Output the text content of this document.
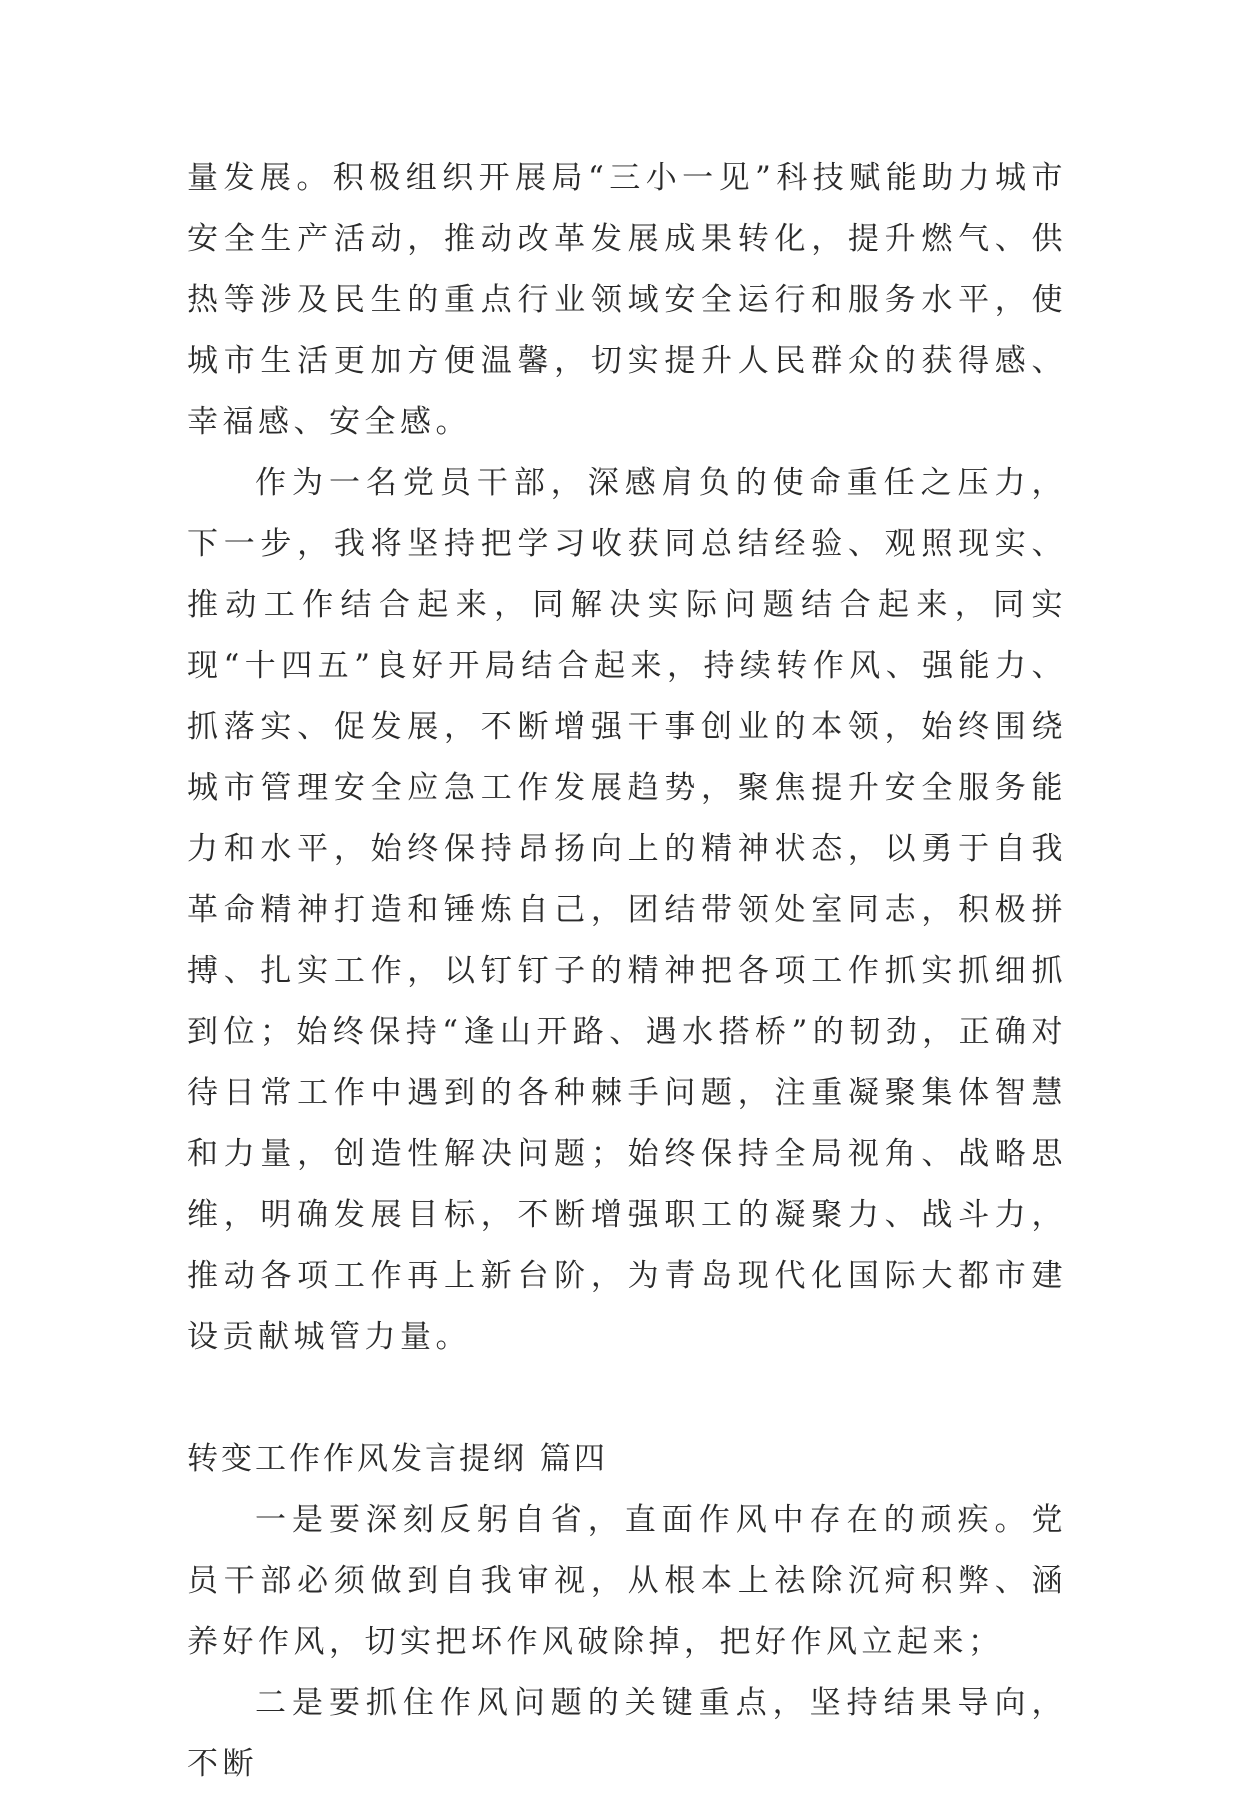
量发展。积极组织开展局“三小一见”科技赋能助力城市安全生产活动，推动改革发展成果转化，提升燃气、供热等涉及民生的重点行业领域安全运行和服务水平，使城市生活更加方便温馨，切实提升人民群众的获得感、幸福感、安全感。

作为一名党员干部，深感肩负的使命重任之压力，下一步，我将坚持把学习收获同总结经验、观照现实、推动工作结合起来，同解决实际问题结合起来，同实现“十四五”良好开局结合起来，持续转作风、强能力、抓落实、促发展，不断增强干事创业的本领，始终围绕城市管理安全应急工作发展趋势，聚焦提升安全服务能力和水平，始终保持昂扬向上的精神状态，以勇于自我革命精神打造和锤炼自己，团结带领处室同志，积极拼搏、扎实工作，以钉钉子的精神把各项工作抓实抓细抓到位；始终保持“逢山开路、遇水搭桥”的韧劲，正确对待日常工作中遇到的各种棘手问题，注重凝聚集体智慧和力量，创造性解决问题；始终保持全局视角、战略思维，明确发展目标，不断增强职工的凝聚力、战斗力，推动各项工作再上新台阶，为青岛现代化国际大都市建设贡献城管力量。

转变工作作风发言提纲 篇四

一是要深刻反躬自省，直面作风中存在的顽疾。党员干部必须做到自我审视，从根本上祛除沉疴积弊、涵养好作风，切实把坏作风破除掉，把好作风立起来；

二是要抓住作风问题的关键重点，坚持结果导向，不断
